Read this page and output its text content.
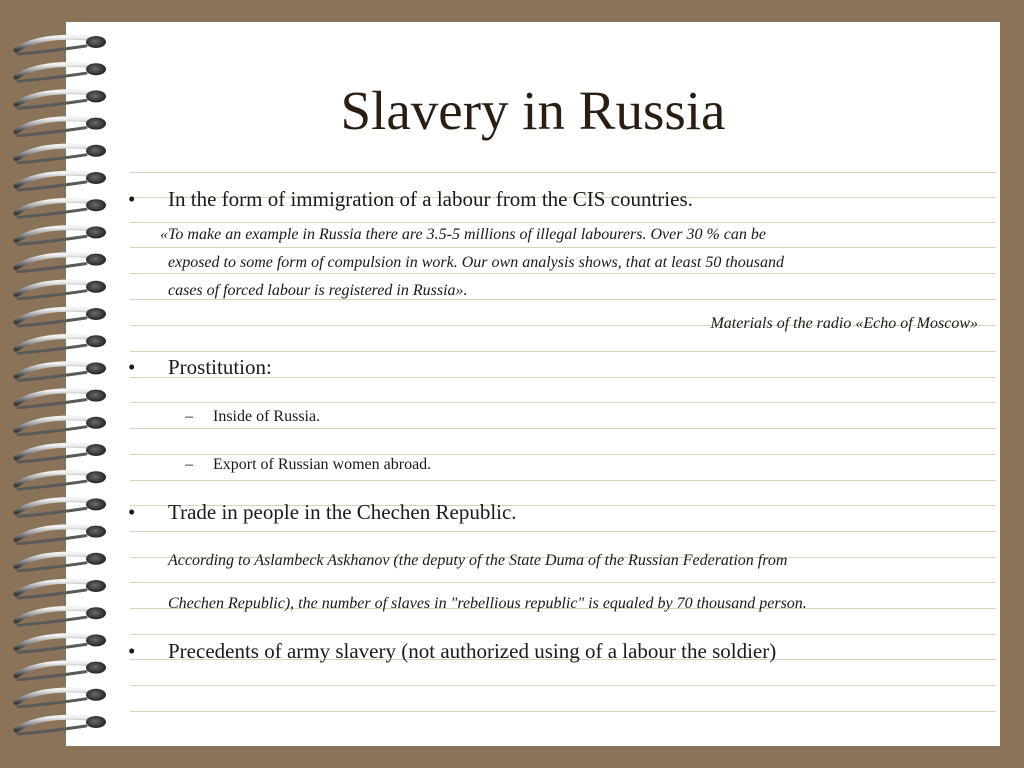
Slavery in Russia
• In the form of immigration of a labour from the CIS countries.
«To make an example in Russia there are 3.5-5 millions of illegal labourers. Over 30 % can be
exposed to some form of compulsion in work. Our own analysis shows, that at least 50 thousand
cases of forced labour is registered in Russia».
Materials of the radio «Echo of Moscow»
• Prostitution:
– Inside of Russia.
– Export of Russian women abroad.
• Trade in people in the Chechen Republic.
According to Aslambeck Askhanov (the deputy of the State Duma of the Russian Federation from
Chechen Republic), the number of slaves in "rebellious republic" is equaled by 70 thousand person.
• Precedents of army slavery (not authorized using of a labour the soldier)
